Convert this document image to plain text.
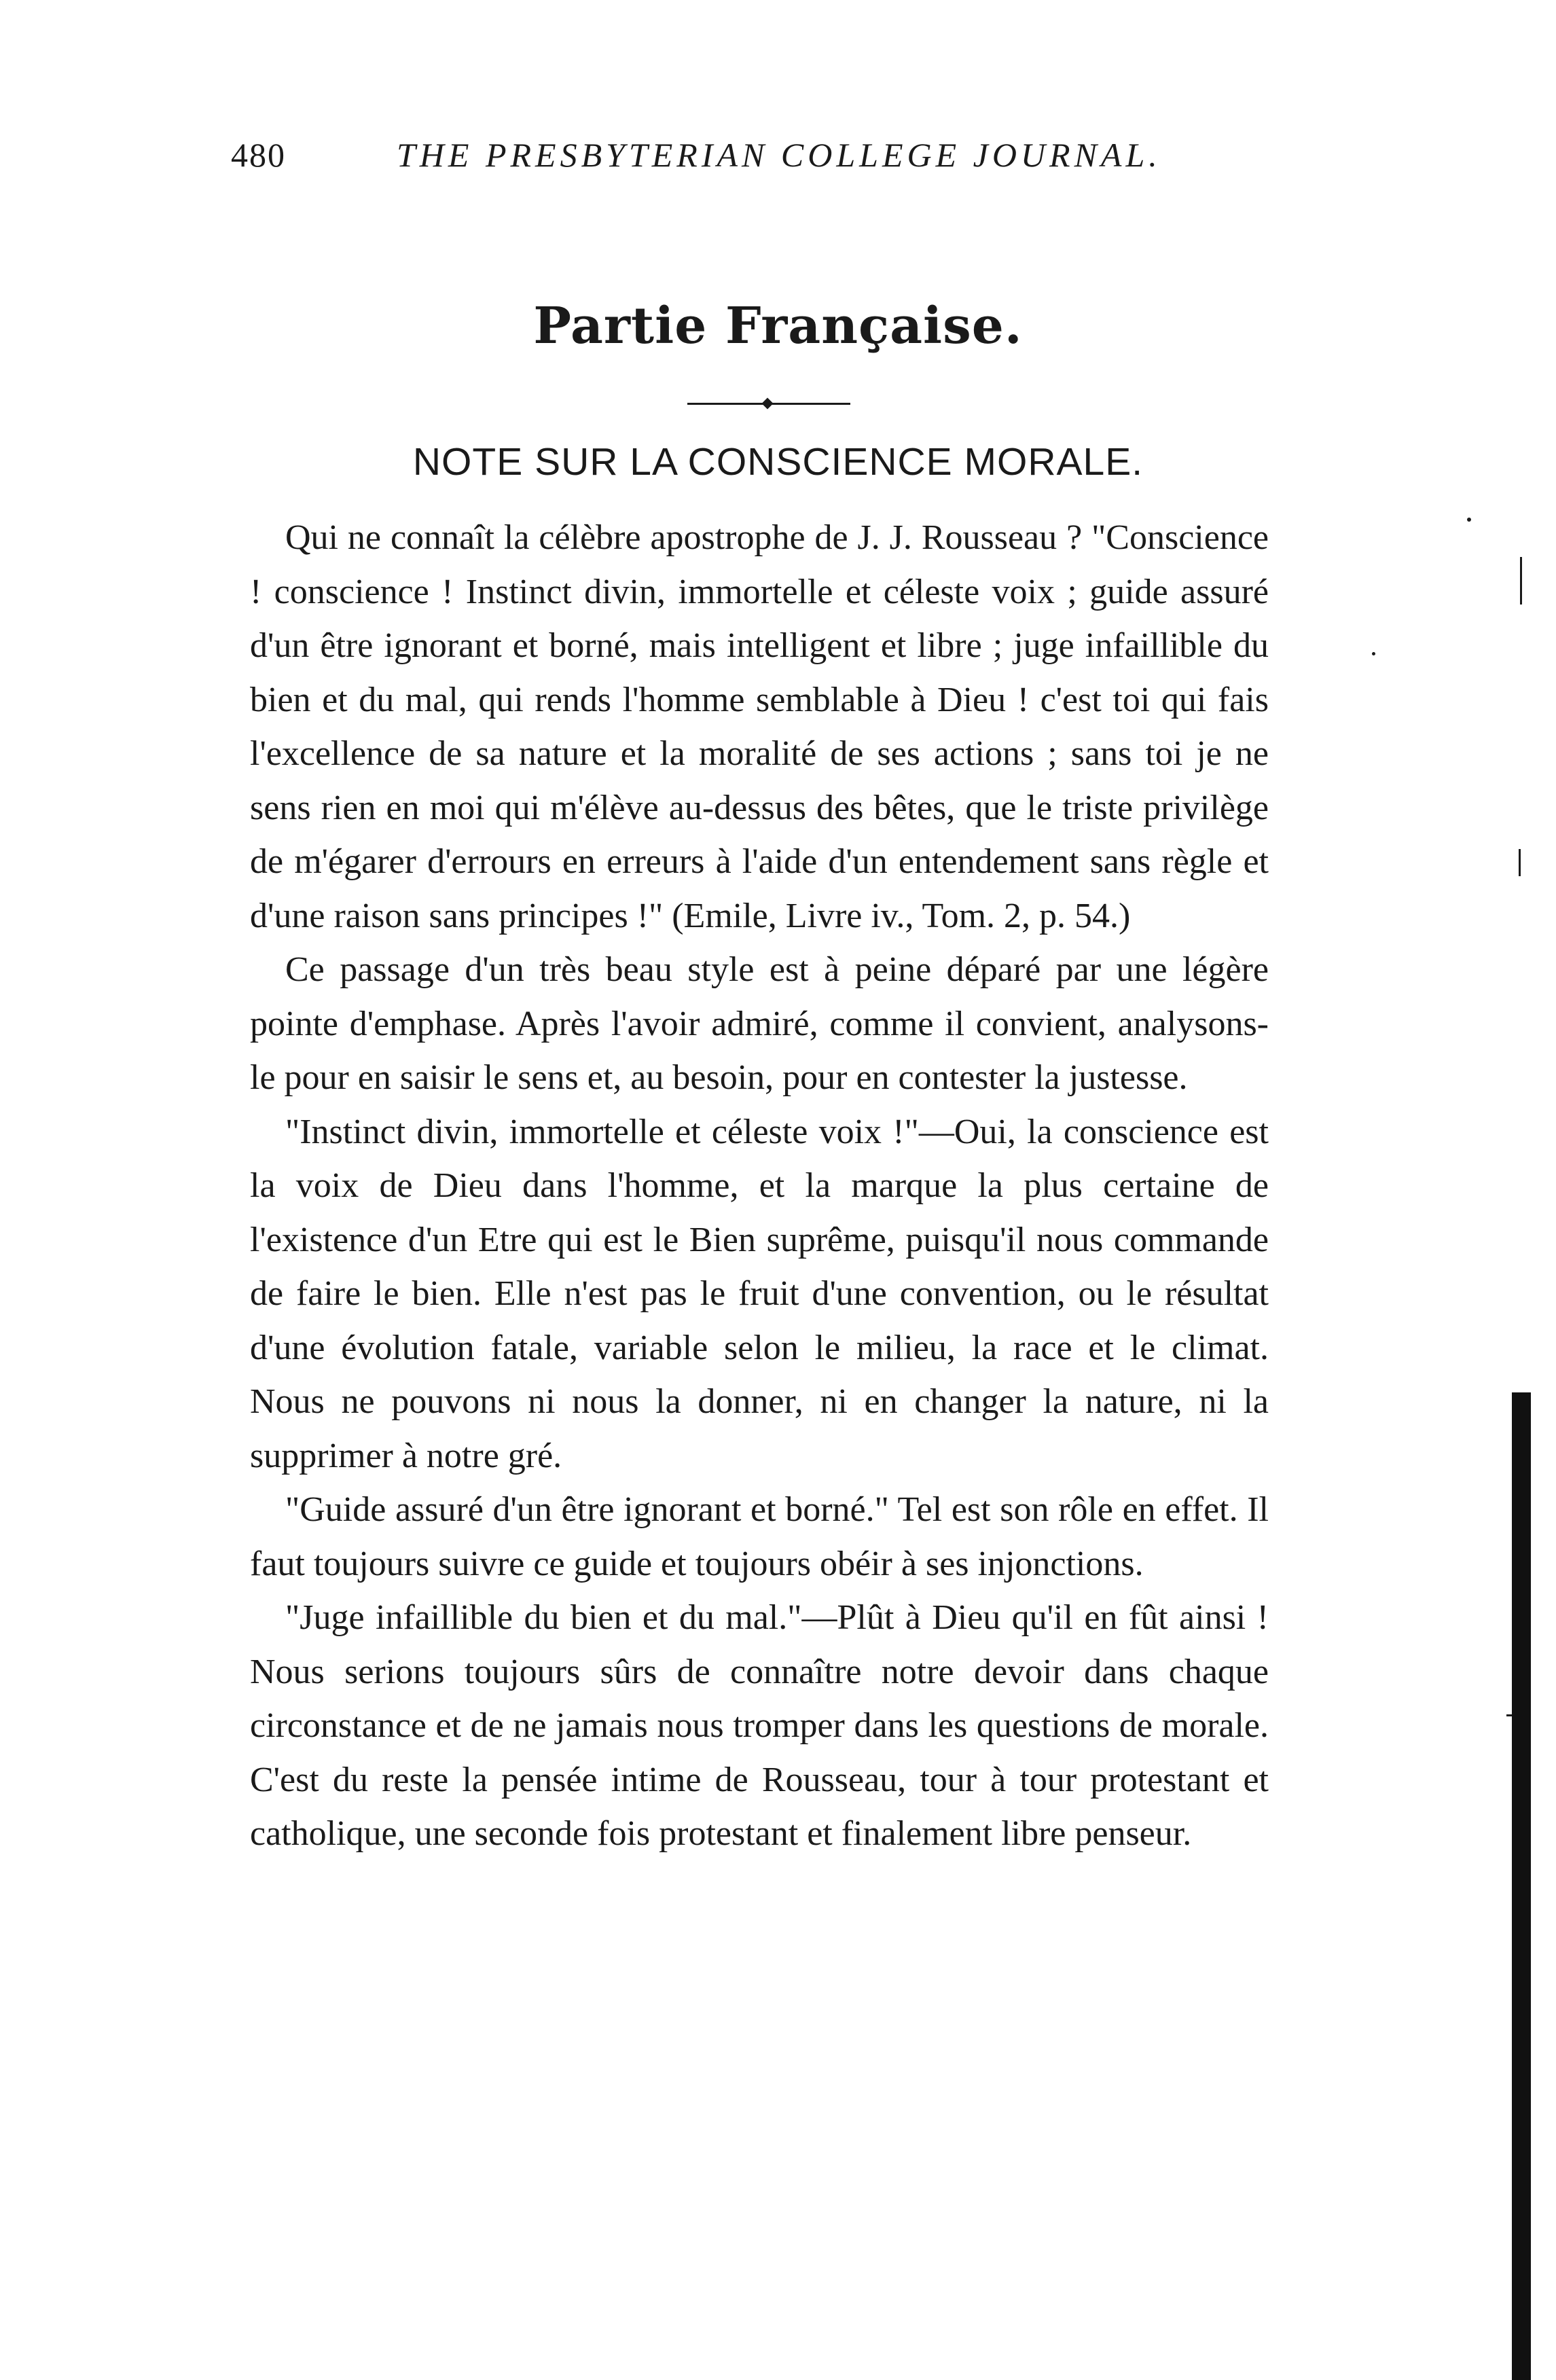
480	THE PRESBYTERIAN COLLEGE JOURNAL.
Partie Française.
NOTE SUR LA CONSCIENCE MORALE.

Qui ne connaît la célèbre apostrophe de J. J. Rousseau ? "Conscience ! conscience ! Instinct divin, immortelle et céleste voix ; guide assuré d'un être ignorant et borné, mais intelligent et libre ; juge infaillible du bien et du mal, qui rends l'homme semblable à Dieu ! c'est toi qui fais l'excellence de sa nature et la moralité de ses actions ; sans toi je ne sens rien en moi qui m'élève au-dessus des bêtes, que le triste privilège de m'égarer d'errours en erreurs à l'aide d'un entendement sans règle et d'une raison sans principes !" (Emile, Livre iv., Tom. 2, p. 54.)

Ce passage d'un très beau style est à peine déparé par une légère pointe d'emphase. Après l'avoir admiré, comme il convient, analysons-le pour en saisir le sens et, au besoin, pour en contester la justesse.

"Instinct divin, immortelle et céleste voix !"—Oui, la conscience est la voix de Dieu dans l'homme, et la marque la plus certaine de l'existence d'un Etre qui est le Bien suprême, puisqu'il nous commande de faire le bien. Elle n'est pas le fruit d'une convention, ou le résultat d'une évolution fatale, variable selon le milieu, la race et le climat. Nous ne pouvons ni nous la donner, ni en changer la nature, ni la supprimer à notre gré.

"Guide assuré d'un être ignorant et borné." Tel est son rôle en effet. Il faut toujours suivre ce guide et toujours obéir à ses injonctions.

"Juge infaillible du bien et du mal."—Plût à Dieu qu'il en fût ainsi ! Nous serions toujours sûrs de connaître notre devoir dans chaque circonstance et de ne jamais nous tromper dans les questions de morale. C'est du reste la pensée intime de Rousseau, tour à tour protestant et catholique, une seconde fois protestant et finalement libre penseur.
